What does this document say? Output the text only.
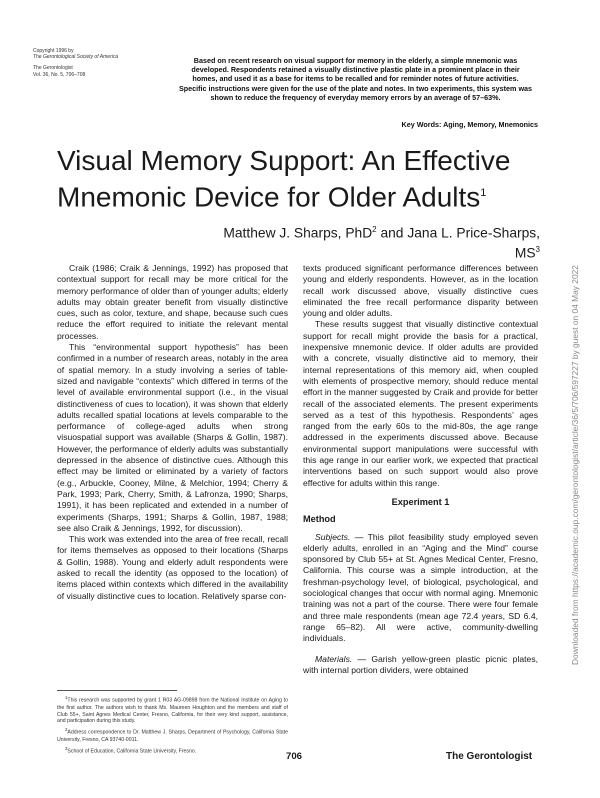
Copyright 1996 by
The Gerontological Society of America
The Gerontologist
Vol. 36, No. 5, 706–708
Based on recent research on visual support for memory in the elderly, a simple mnemonic was developed. Respondents retained a visually distinctive plastic plate in a prominent place in their homes, and used it as a base for items to be recalled and for reminder notes of future activities. Specific instructions were given for the use of the plate and notes. In two experiments, this system was shown to reduce the frequency of everyday memory errors by an average of 57–63%.
Key Words: Aging, Memory, Mnemonics
Visual Memory Support: An Effective Mnemonic Device for Older Adults$^1$
Matthew J. Sharps, PhD$^2$ and Jana L. Price-Sharps, $MS^3$
Downloaded from https://academic.oup.com/gerontologist/article/36/5/706/597227 by guest on 04 May 2022

Craik (1986; Craik & Jennings, 1992) has proposed that contextual support for recall may be more critical for the memory performance of older than of younger adults; elderly adults may obtain greater benefit from visually distinctive cues, such as color, texture, and shape, because such cues reduce the effort required to initiate the relevant mental processes.

This “environmental support hypothesis” has been confirmed in a number of research areas, notably in the area of spatial memory. In a study involving a series of table-sized and navigable “contexts” which differed in terms of the level of available environmental support (i.e., in the visual distinctiveness of cues to location), it was shown that elderly adults recalled spatial locations at levels comparable to the performance of college-aged adults when strong visuospatial support was available (Sharps & Gollin, 1987). However, the performance of elderly adults was substantially depressed in the absence of distinctive cues. Although this effect may be limited or eliminated by a variety of factors (e.g., Arbuckle, Cooney, Milne, & Melchior, 1994; Cherry & Park, 1993; Park, Cherry, Smith, & Lafronza, 1990; Sharps, 1991), it has been replicated and extended in a number of experiments (Sharps, 1991; Sharps & Gollin, 1987, 1988; see also Craik & Jennings, 1992, for discussion).

This work was extended into the area of free recall, recall for items themselves as opposed to their locations (Sharps & Gollin, 1988). Young and elderly adult respondents were asked to recall the identity (as opposed to the location) of items placed within contexts which differed in the availability of visually distinctive cues to location. Relatively sparse con-

texts produced significant performance differences between young and elderly respondents. However, as in the location recall work discussed above, visually distinctive cues eliminated the free recall performance disparity between young and older adults.

These results suggest that visually distinctive contextual support for recall might provide the basis for a practical, inexpensive mnemonic device. If older adults are provided with a concrete, visually distinctive aid to memory, their internal representations of this memory aid, when coupled with elements of prospective memory, should reduce mental effort in the manner suggested by Craik and provide for better recall of the associated elements. The present experiments served as a test of this hypothesis. Respondents’ ages ranged from the early 60s to the mid-80s, the age range addressed in the experiments discussed above. Because environmental support manipulations were successful with this age range in our earlier work, we expected that practical interventions based on such support would also prove effective for adults within this range.

Experiment 1
Method

Subjects. — This pilot feasibility study employed seven elderly adults, enrolled in an “Aging and the Mind” course sponsored by Club 55+ at St. Agnes Medical Center, Fresno, California. This course was a simple introduction, at the freshman-psychology level, of biological, psychological, and sociological changes that occur with normal aging. Mnemonic training was not a part of the course. There were four female and three male respondents (mean age 72.4 years, SD 6.4, range 65–82). All were active, community-dwelling individuals.

Materials. — Garish yellow-green plastic picnic plates, with internal portion dividers, were obtained

$^1$This research was supported by grant 1 R03 AG-09898 from the National Institute on Aging to the first author. The authors wish to thank Ms. Maureen Houghton and the members and staff of Club 55+, Saint Agnes Medical Center, Fresno, California, for their very kind support, assistance, and participation during this study.

$^2$Address correspondence to Dr. Matthew J. Sharps, Department of Psychology, California State University, Fresno, CA 93740-0011.

$^3$School of Education, California State University, Fresno.	706	The Gerontologist
